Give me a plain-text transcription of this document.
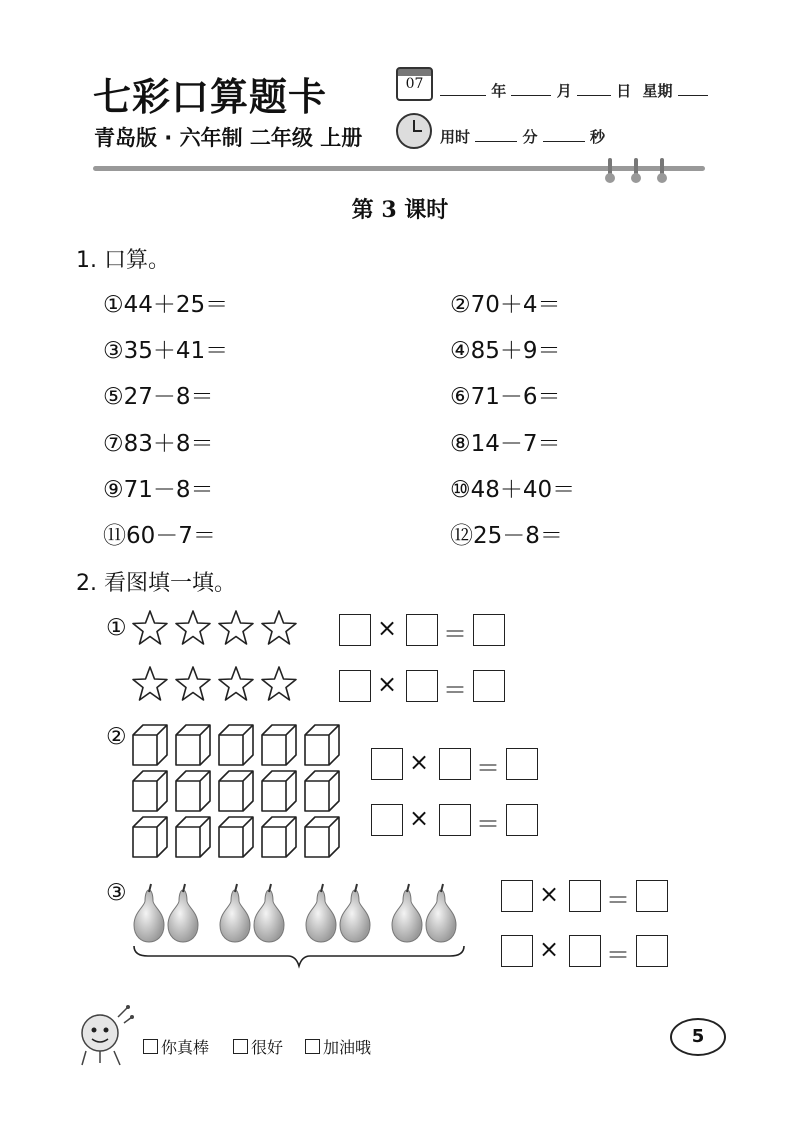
七彩口算题卡
青岛版 · 六年制 二年级 上册
07	年	月	日 星期
用时	分	秒
第 3 课时
1. 口算。
①44＋25＝	②70＋4＝
③35＋41＝	④85＋9＝
⑤27－8＝	⑥71－6＝
⑦83＋8＝	⑧14－7＝
⑨71－8＝	⑩48＋40＝
⑪60－7＝	⑫25－8＝
2. 看图填一填。
①	× ＝
× ＝
②
× ＝
× ＝
③	× ＝
× ＝
你真棒	很好	加油哦
5
